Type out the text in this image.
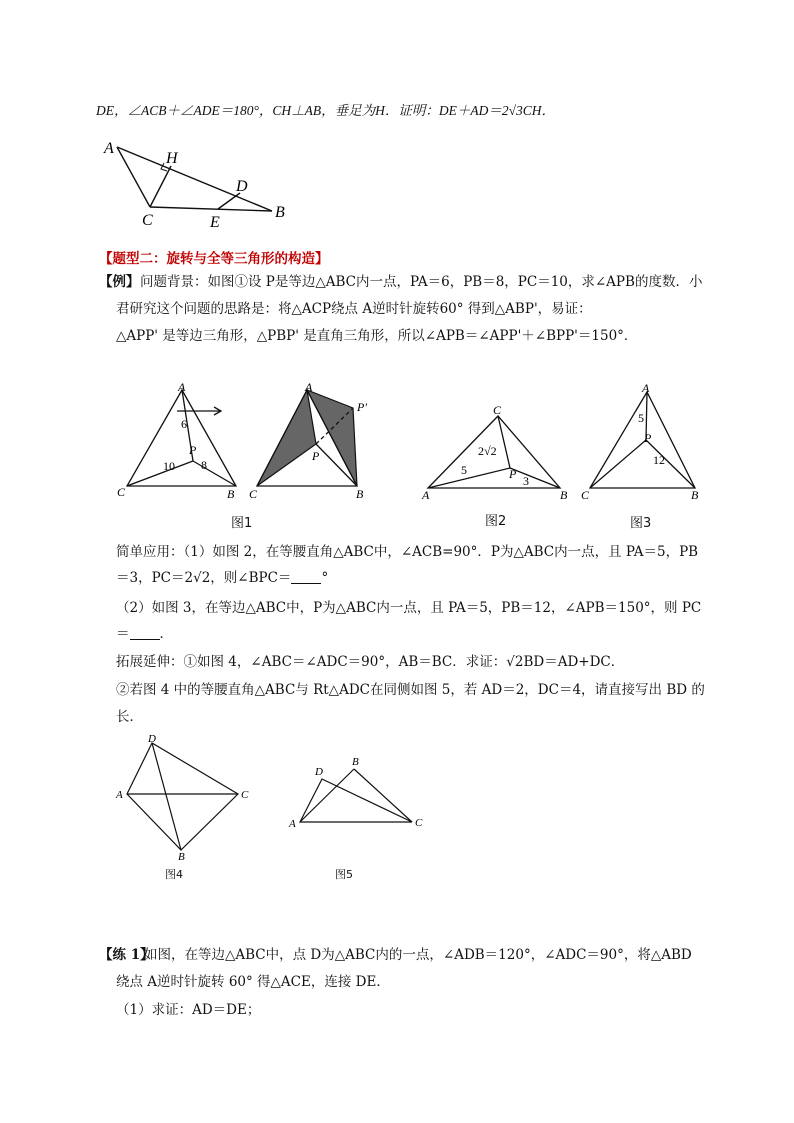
DE，∠ACB＋∠ADE＝180°，CH⊥AB，垂足为H．证明：DE＋AD＝2√3CH．
A
H
D
C	E
B
【题型二：旋转与全等三角形的构造】
【例】 问题背景：如图①设 P是等边△ABC内一点，PA＝6，PB＝8，PC＝10，求∠APB的度数．小
君研究这个问题的思路是：将△ACP绕点 A逆时针旋转60° 得到△ABP'，易证：
△APP' 是等边三角形，△PBP' 是直角三角形，所以∠APB＝∠APP'＋∠BPP'＝150°．
A
C	B
P
6
10 8
A
C	B
P
P'	C
A	B
P
2√2
5
3
A
C	B
P
5
12
图1	图2	图3
简单应用：（1）如图 2，在等腰直角△ABC中，∠ACB=90°．P为△ABC内一点，且 PA＝5，PB
＝3，PC＝2√2，则∠BPC＝ °
（2）如图 3，在等边△ABC中，P为△ABC内一点，且 PA＝5，PB＝12，∠APB＝150°，则 PC
＝ ．
拓展延伸：①如图 4，∠ABC＝∠ADC＝90°，AB＝BC．求证：√2BD＝AD+DC．
②若图 4 中的等腰直角△ABC与 Rt△ADC在同侧如图 5，若 AD＝2，DC＝4，请直接写出 BD 的
长．
D
A	C
B
图4
D
B
A	C
图5
【练 1】
如图，在等边△ABC中，点 D为△ABC内的一点，∠ADB＝120°，∠ADC＝90°，将△ABD
绕点 A逆时针旋转 60° 得△ACE，连接 DE．
（1）求证：AD＝DE；
